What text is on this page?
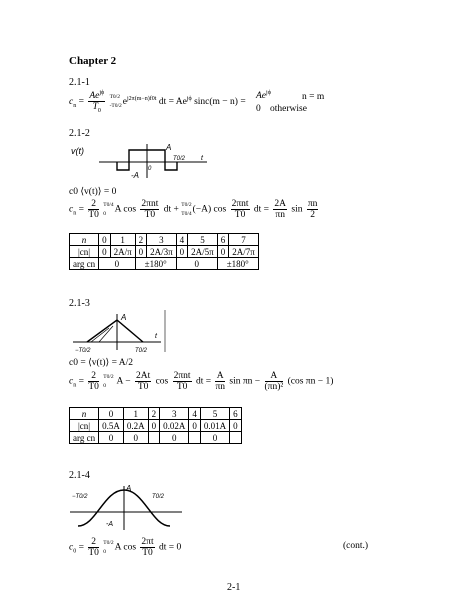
Chapter 2
2.1-1
$c_n = \frac{Ae^{j\phi}}{T_0}$
T0/2
-T0/2 $e^{j2\pi(m-n)f0t}$ dt = $Ae^{j\phi}$ sinc(m − n) =
$Ae^{j\phi}$	n = m
0 otherwise
2.1-2
v(t)	A
-A
T0/2 t
0
c0 ⟨v(t)⟩ = 0
$c_n = \frac{2}{T0}$
T0/4
0 A $\cos \frac{\text{2πnt}}{T0}$ dt +
T0/2
T0/4 (−A) $\cos \frac{\text{2πnt}}{T0}$ dt = $\frac{2A}{\pi n}$ $\sin \frac{\pi n}{2}$
n	0	1	2	3	4	5	6	7
|cn|	0	2A/π	0	2A/3π	0	2A/5π	0	2A/7π
arg cn	0		±180°		0		±180°	
2.1-3
A
−T0/2	T0/2
t
c0 = ⟨v(t)⟩ = A/2
$c_n = \frac{2}{T0}$
T0/2
0	$A - \frac{2At}{T0}$ $\cos \frac{\text{2πnt}}{T0}$ dt = $\frac{A}{\pi n}$ $\sin \pi n - \frac{A}{\text{(πn)²}} (\cos$ πn − 1)
n	0	1	2	3	4	5	6
|cn|	0.5A	0.2A	0	0.02A	0	0.01A	0
arg cn	0	0		0		0	
2.1-4
A
−T0/2	T0/2
-A
$c_0 = \frac{2}{T0}$
T0/2
0 A $\cos \frac{2\pi t}{T0}$ dt = 0	(cont.)
2-1
